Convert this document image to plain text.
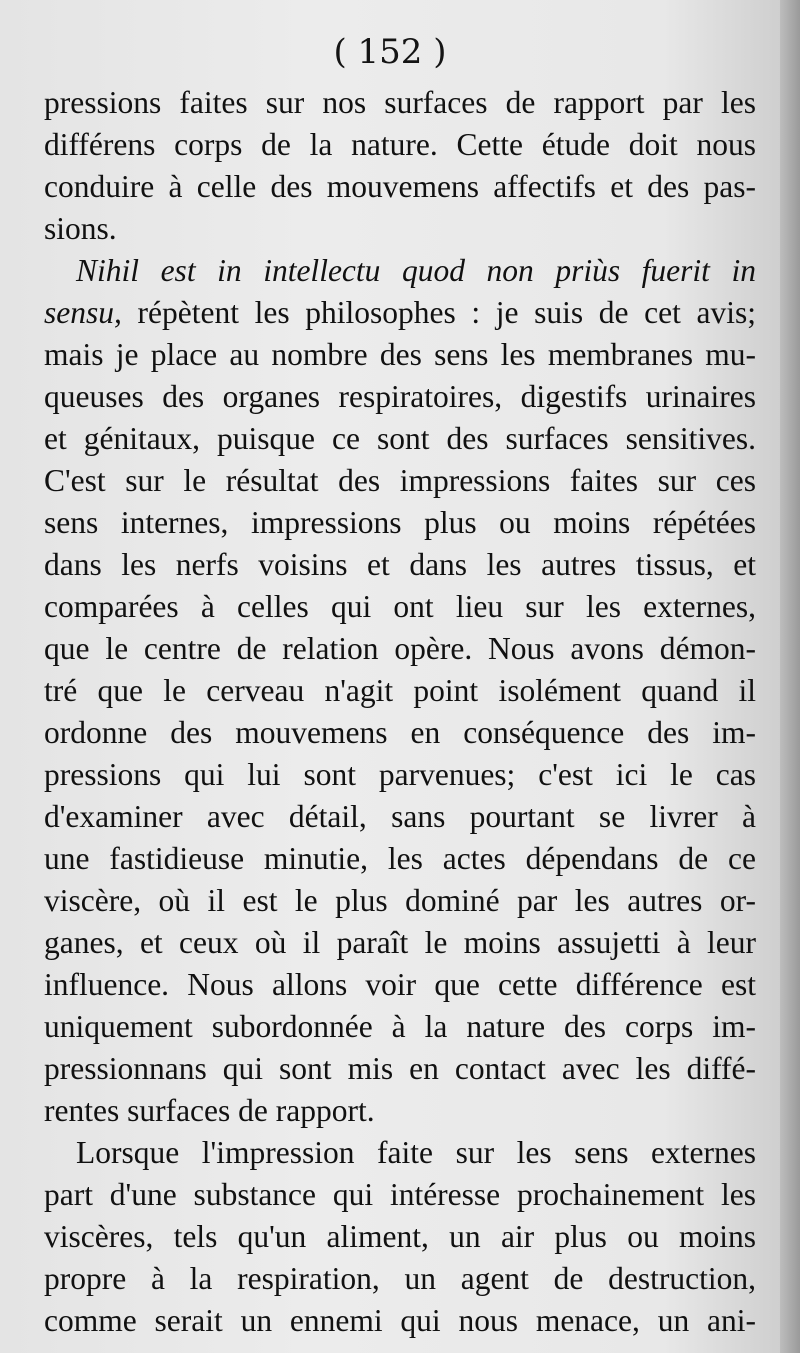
( 152 )
pressions faites sur nos surfaces de rapport par les
différens corps de la nature. Cette étude doit nous
conduire à celle des mouvemens affectifs et des pas-
sions.
Nihil est in intellectu quod non priùs fuerit in
sensu, répètent les philosophes : je suis de cet avis;
mais je place au nombre des sens les membranes mu-
queuses des organes respiratoires, digestifs urinaires
et génitaux, puisque ce sont des surfaces sensitives.
C'est sur le résultat des impressions faites sur ces
sens internes, impressions plus ou moins répétées
dans les nerfs voisins et dans les autres tissus, et
comparées à celles qui ont lieu sur les externes,
que le centre de relation opère. Nous avons démon-
tré que le cerveau n'agit point isolément quand il
ordonne des mouvemens en conséquence des im-
pressions qui lui sont parvenues; c'est ici le cas
d'examiner avec détail, sans pourtant se livrer à
une fastidieuse minutie, les actes dépendans de ce
viscère, où il est le plus dominé par les autres or-
ganes, et ceux où il paraît le moins assujetti à leur
influence. Nous allons voir que cette différence est
uniquement subordonnée à la nature des corps im-
pressionnans qui sont mis en contact avec les diffé-
rentes surfaces de rapport.
Lorsque l'impression faite sur les sens externes
part d'une substance qui intéresse prochainement les
viscères, tels qu'un aliment, un air plus ou moins
propre à la respiration, un agent de destruction,
comme serait un ennemi qui nous menace, un ani-
